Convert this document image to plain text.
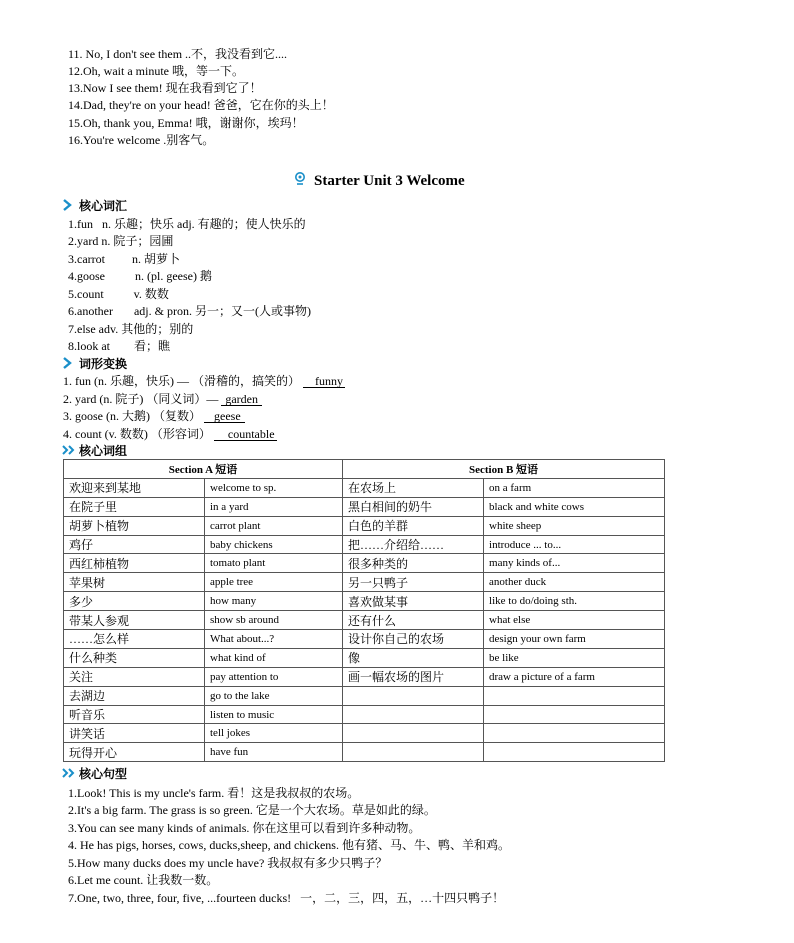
11. No, I don't see them ..不，我没看到它....
12.Oh, wait a minute 哦，等一下。
13.Now I see them! 现在我看到它了！
14.Dad, they're on your head! 爸爸，它在你的头上！
15.Oh, thank you, Emma! 哦，谢谢你，埃玛！
16.You're welcome .别客气。
Starter Unit 3 Welcome
核心词汇
1.fun   n. 乐趣；快乐 adj. 有趣的；使人快乐的
2.yard n. 院子；园圃
3.carrot         n. 胡萝卜
4.goose          n. (pl. geese) 鹅
5.count          v. 数数
6.another       adj. & pron. 另一；又一(人或事物)
7.else adv. 其他的；别的
8.look at        看；瞧
词形变换
1. fun (n. 乐趣，快乐) — （滑稽的，搞笑的） funny
2. yard (n. 院子) （同义词）— garden
3. goose (n. 大鹅) （复数） geese
4. count (v. 数数) （形容词） countable
核心词组
Section A 短语		Section B 短语	
欢迎来到某地	welcome to sp.	在农场上	on a farm
在院子里	in a yard	黑白相间的奶牛	black and white cows
胡萝卜植物	carrot plant	白色的羊群	white sheep
鸡仔	baby chickens	把……介绍给……	introduce ... to...
西红柿植物	tomato plant	很多种类的	many kinds of...
苹果树	apple tree	另一只鸭子	another duck
多少	how many	喜欢做某事	like to do/doing sth.
带某人参观	show sb around	还有什么	what else
……怎么样	What about...?	设计你自己的农场	design your own farm
什么种类	what kind of	像	be like
关注	pay attention to	画一幅农场的图片	draw a picture of a farm
去湖边	go to the lake		
听音乐	listen to music		
讲笑话	tell jokes		
玩得开心	have fun		
核心句型
1.Look! This is my uncle's farm. 看！这是我叔叔的农场。
2.It's a big farm. The grass is so green. 它是一个大农场。草是如此的绿。
3.You can see many kinds of animals. 你在这里可以看到许多种动物。
4. He has pigs, horses, cows, ducks,sheep, and chickens. 他有猪、马、牛、鸭、羊和鸡。
5.How many ducks does my uncle have? 我叔叔有多少只鸭子？
6.Let me count. 让我数一数。
7.One, two, three, four, five, ...fourteen ducks!   一，二，三，四，五，…十四只鸭子！
